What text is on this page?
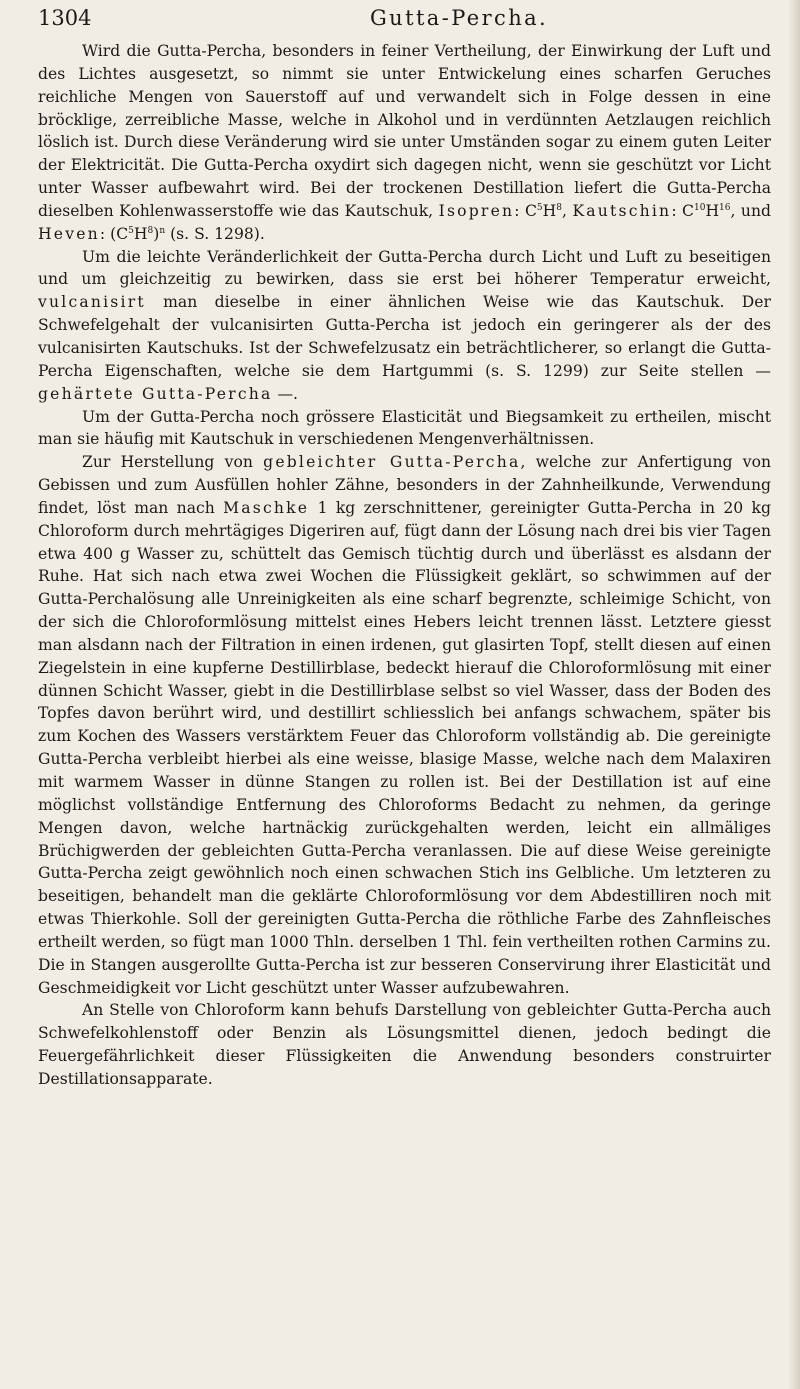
1304	Gutta-Percha.

Wird die Gutta-Percha, besonders in feiner Vertheilung, der Einwirkung der Luft und des Lichtes ausgesetzt, so nimmt sie unter Entwickelung eines scharfen Geruches reichliche Mengen von Sauerstoff auf und verwandelt sich in Folge dessen in eine bröcklige, zerreibliche Masse, welche in Alkohol und in verdünnten Aetzlaugen reichlich löslich ist. Durch diese Veränderung wird sie unter Umständen sogar zu einem guten Leiter der Elektricität. Die Gutta-Percha oxydirt sich dagegen nicht, wenn sie geschützt vor Licht unter Wasser aufbewahrt wird. Bei der trockenen Destillation liefert die Gutta-Percha dieselben Kohlenwasserstoffe wie das Kautschuk, Isopren: $C^5H^8$, Kautschin: $C^{10}H^{16}$, und Heven: $(C^5H^8)^n$ (s. S. 1298).

Um die leichte Veränderlichkeit der Gutta-Percha durch Licht und Luft zu beseitigen und um gleichzeitig zu bewirken, dass sie erst bei höherer Temperatur erweicht, vulcanisirt man dieselbe in einer ähnlichen Weise wie das Kautschuk. Der Schwefelgehalt der vulcanisirten Gutta-Percha ist jedoch ein geringerer als der des vulcanisirten Kautschuks. Ist der Schwefelzusatz ein beträchtlicherer, so erlangt die Gutta-Percha Eigenschaften, welche sie dem Hartgummi (s. S. 1299) zur Seite stellen — gehärtete Gutta-Percha —.

Um der Gutta-Percha noch grössere Elasticität und Biegsamkeit zu ertheilen, mischt man sie häufig mit Kautschuk in verschiedenen Mengenverhältnissen.

Zur Herstellung von gebleichter Gutta-Percha, welche zur Anfertigung von Gebissen und zum Ausfüllen hohler Zähne, besonders in der Zahnheilkunde, Verwendung findet, löst man nach Maschke 1 kg zerschnittener, gereinigter Gutta-Percha in 20 kg Chloroform durch mehrtägiges Digeriren auf, fügt dann der Lösung nach drei bis vier Tagen etwa 400 g Wasser zu, schüttelt das Gemisch tüchtig durch und überlässt es alsdann der Ruhe. Hat sich nach etwa zwei Wochen die Flüssigkeit geklärt, so schwimmen auf der Gutta-Perchalösung alle Unreinigkeiten als eine scharf begrenzte, schleimige Schicht, von der sich die Chloroformlösung mittelst eines Hebers leicht trennen lässt. Letztere giesst man alsdann nach der Filtration in einen irdenen, gut glasirten Topf, stellt diesen auf einen Ziegelstein in eine kupferne Destillirblase, bedeckt hierauf die Chloroformlösung mit einer dünnen Schicht Wasser, giebt in die Destillirblase selbst so viel Wasser, dass der Boden des Topfes davon berührt wird, und destillirt schliesslich bei anfangs schwachem, später bis zum Kochen des Wassers verstärktem Feuer das Chloroform vollständig ab. Die gereinigte Gutta-Percha verbleibt hierbei als eine weisse, blasige Masse, welche nach dem Malaxiren mit warmem Wasser in dünne Stangen zu rollen ist. Bei der Destillation ist auf eine möglichst vollständige Entfernung des Chloroforms Bedacht zu nehmen, da geringe Mengen davon, welche hartnäckig zurückgehalten werden, leicht ein allmäliges Brüchigwerden der gebleichten Gutta-Percha veranlassen. Die auf diese Weise gereinigte Gutta-Percha zeigt gewöhnlich noch einen schwachen Stich ins Gelbliche. Um letzteren zu beseitigen, behandelt man die geklärte Chloroformlösung vor dem Abdestilliren noch mit etwas Thierkohle. Soll der gereinigten Gutta-Percha die röthliche Farbe des Zahnfleisches ertheilt werden, so fügt man 1000 Thln. derselben 1 Thl. fein vertheilten rothen Carmins zu. Die in Stangen ausgerollte Gutta-Percha ist zur besseren Conservirung ihrer Elasticität und Geschmeidigkeit vor Licht geschützt unter Wasser aufzubewahren.

An Stelle von Chloroform kann behufs Darstellung von gebleichter Gutta-Percha auch Schwefelkohlenstoff oder Benzin als Lösungsmittel dienen, jedoch bedingt die Feuergefährlichkeit dieser Flüssigkeiten die Anwendung besonders construirter Destillationsapparate.
